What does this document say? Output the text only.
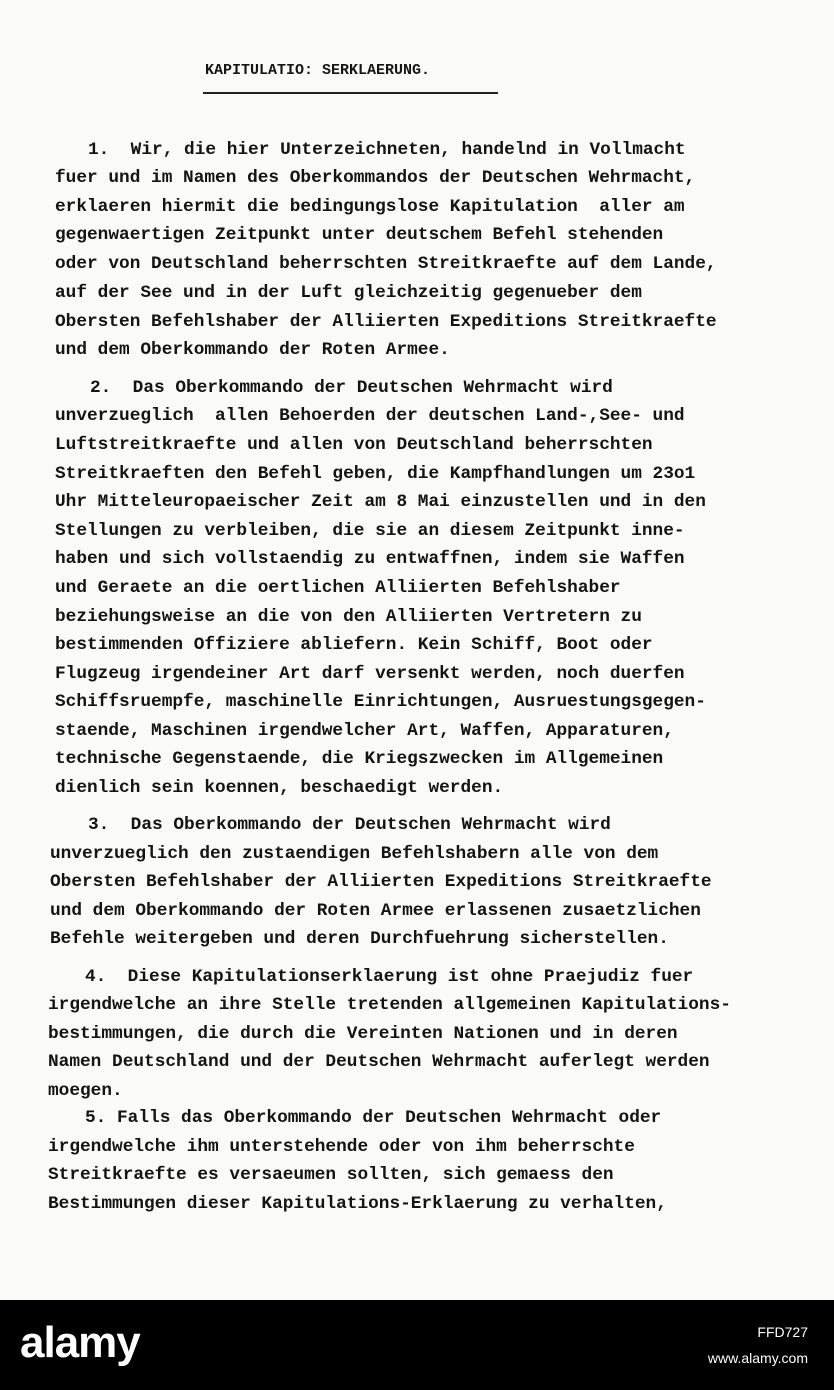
KAPITULATIO: SERKLAERUNG.
1.  Wir, die hier Unterzeichneten, handelnd in Vollmacht
fuer und im Namen des Oberkommandos der Deutschen Wehrmacht,
erklaeren hiermit die bedingungslose Kapitulation  aller am
gegenwaertigen Zeitpunkt unter deutschem Befehl stehenden
oder von Deutschland beherrschten Streitkraefte auf dem Lande,
auf der See und in der Luft gleichzeitig gegenueber dem
Obersten Befehlshaber der Alliierten Expeditions Streitkraefte
und dem Oberkommando der Roten Armee.
2.  Das Oberkommando der Deutschen Wehrmacht wird
unverzueglich  allen Behoerden der deutschen Land-,See- und
Luftstreitkraefte und allen von Deutschland beherrschten
Streitkraeften den Befehl geben, die Kampfhandlungen um 23o1
Uhr Mitteleuropaeischer Zeit am 8 Mai einzustellen und in den
Stellungen zu verbleiben, die sie an diesem Zeitpunkt inne-
haben und sich vollstaendig zu entwaffnen, indem sie Waffen
und Geraete an die oertlichen Alliierten Befehlshaber
beziehungsweise an die von den Alliierten Vertretern zu
bestimmenden Offiziere abliefern. Kein Schiff, Boot oder
Flugzeug irgendeiner Art darf versenkt werden, noch duerfen
Schiffsruempfe, maschinelle Einrichtungen, Ausruestungsgegen-
staende, Maschinen irgendwelcher Art, Waffen, Apparaturen,
technische Gegenstaende, die Kriegszwecken im Allgemeinen
dienlich sein koennen, beschaedigt werden.
3.  Das Oberkommando der Deutschen Wehrmacht wird
unverzueglich den zustaendigen Befehlshabern alle von dem
Obersten Befehlshaber der Alliierten Expeditions Streitkraefte
und dem Oberkommando der Roten Armee erlassenen zusaetzlichen
Befehle weitergeben und deren Durchfuehrung sicherstellen.
4.  Diese Kapitulationserklaerung ist ohne Praejudiz fuer
irgendwelche an ihre Stelle tretenden allgemeinen Kapitulations-
bestimmungen, die durch die Vereinten Nationen und in deren
Namen Deutschland und der Deutschen Wehrmacht auferlegt werden
moegen.
5. Falls das Oberkommando der Deutschen Wehrmacht oder
irgendwelche ihm unterstehende oder von ihm beherrschte
Streitkraefte es versaeumen sollten, sich gemaess den
Bestimmungen dieser Kapitulations-Erklaerung zu verhalten,
alamy	FFD727
www.alamy.com
